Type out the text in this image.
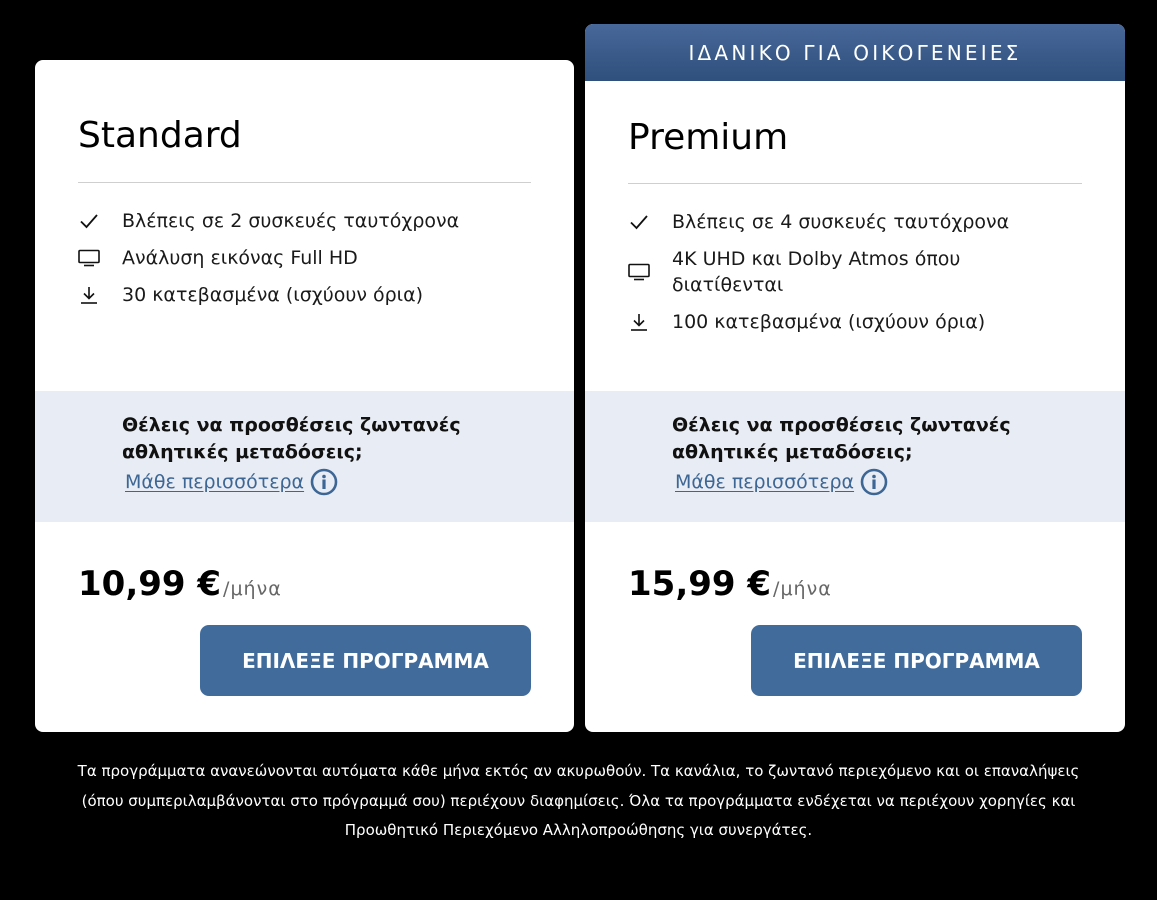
Standard
Βλέπεις σε 2 συσκευές ταυτόχρονα
Ανάλυση εικόνας Full HD
30 κατεβασμένα (ισχύουν όρια)
Θέλεις να προσθέσεις ζωντανές αθλητικές μεταδόσεις;
Μάθε περισσότερα
10,99 € /μήνα
ΕΠΙΛΕΞΕ ΠΡΟΓΡΑΜΜΑ
ΙΔΑΝΙΚΟ ΓΙΑ ΟΙΚΟΓΕΝΕΙΕΣ
Premium
Βλέπεις σε 4 συσκευές ταυτόχρονα
4K UHD και Dolby Atmos όπου διατίθενται
100 κατεβασμένα (ισχύουν όρια)
Θέλεις να προσθέσεις ζωντανές αθλητικές μεταδόσεις;
Μάθε περισσότερα
15,99 € /μήνα
ΕΠΙΛΕΞΕ ΠΡΟΓΡΑΜΜΑ
Τα προγράμματα ανανεώνονται αυτόματα κάθε μήνα εκτός αν ακυρωθούν. Τα κανάλια, το ζωντανό περιεχόμενο και οι επαναλήψεις (όπου συμπεριλαμβάνονται στο πρόγραμμά σου) περιέχουν διαφημίσεις. Όλα τα προγράμματα ενδέχεται να περιέχουν χορηγίες και Προωθητικό Περιεχόμενο Αλληλοπροώθησης για συνεργάτες.
